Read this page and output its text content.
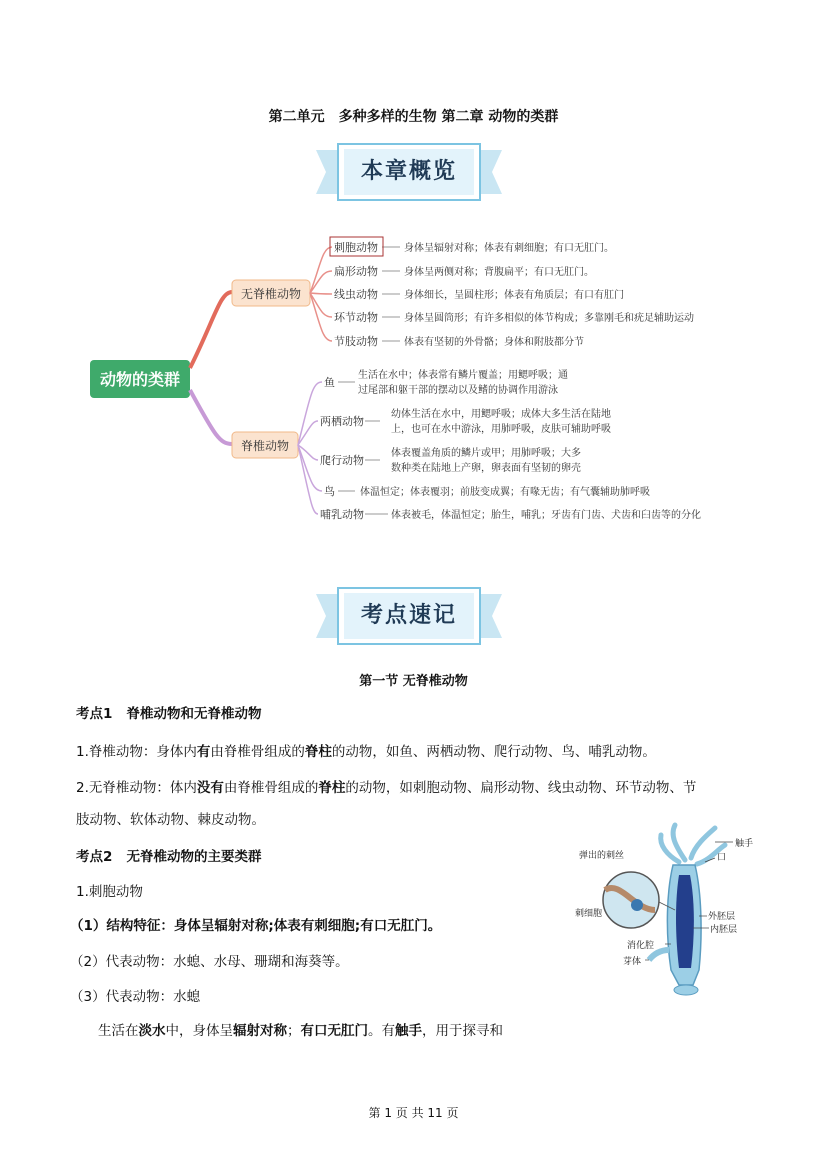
第二单元　多种多样的生物 第二章 动物的类群
本章概览
动物的类群
无脊椎动物
脊椎动物
刺胞动物
扁形动物
线虫动物
环节动物
节肢动物
身体呈辐射对称；体表有刺细胞；有口无肛门。
身体呈两侧对称；背腹扁平；有口无肛门。
身体细长，呈圆柱形；体表有角质层；有口有肛门
身体呈圆筒形；有许多相似的体节构成；多靠刚毛和疣足辅助运动
体表有坚韧的外骨骼；身体和附肢都分节
鱼
两栖动物
爬行动物
鸟
哺乳动物
生活在水中；体表常有鳞片覆盖；用鳃呼吸；通
过尾部和躯干部的摆动以及鳍的协调作用游泳
幼体生活在水中，用鳃呼吸；成体大多生活在陆地
上，也可在水中游泳，用肺呼吸，皮肤可辅助呼吸
体表覆盖角质的鳞片或甲；用肺呼吸；大多
数种类在陆地上产卵，卵表面有坚韧的卵壳
体温恒定；体表覆羽；前肢变成翼；有喙无齿；有气囊辅助肺呼吸
体表被毛，体温恒定；胎生，哺乳；牙齿有门齿、犬齿和臼齿等的分化
考点速记
第一节 无脊椎动物
考点1 脊椎动物和无脊椎动物
1.脊椎动物：身体内有由脊椎骨组成的脊柱的动物，如鱼、两栖动物、爬行动物、鸟、哺乳动物。
2.无脊椎动物：体内没有由脊椎骨组成的脊柱的动物，如刺胞动物、扁形动物、线虫动物、环节动物、节
肢动物、软体动物、棘皮动物。
考点2 无脊椎动物的主要类群
1.刺胞动物
（1）结构特征：身体呈辐射对称;体表有刺细胞;有口无肛门。
（2）代表动物：水螅、水母、珊瑚和海葵等。
（3）代表动物：水螅
生活在淡水中，身体呈辐射对称；有口无肛门。有触手，用于探寻和
触手
口
弹出的刺丝
刺细胞	外胚层
内胚层
消化腔
芽体
第 1 页 共 11 页
